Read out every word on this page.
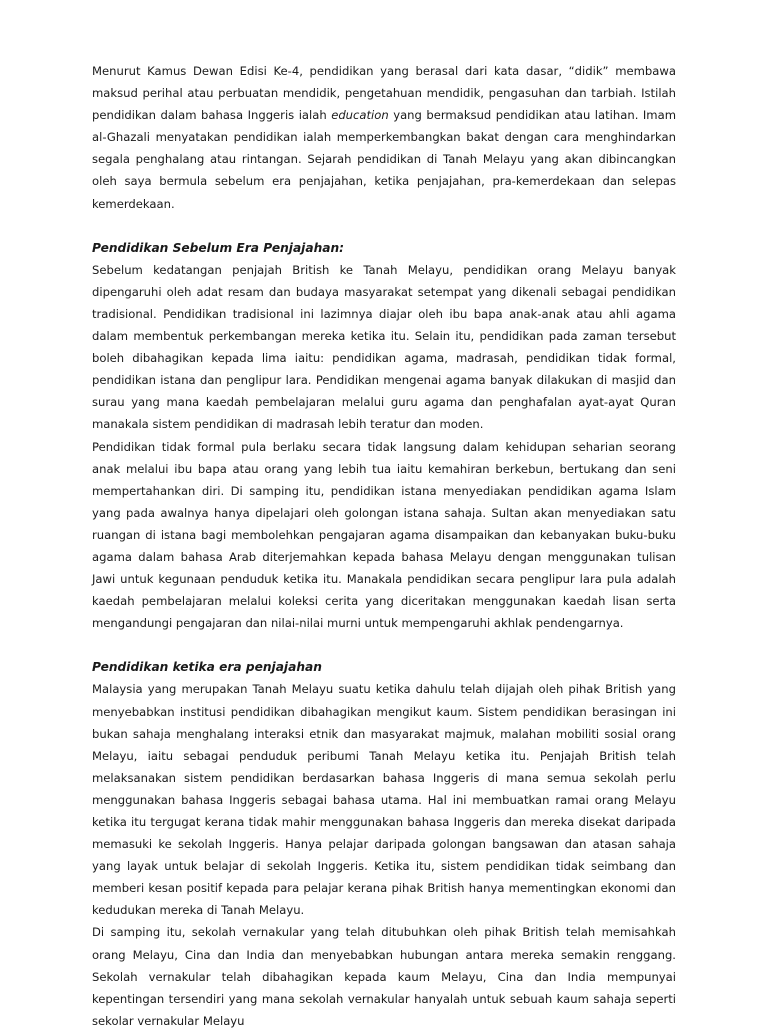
Menurut Kamus Dewan Edisi Ke-4, pendidikan yang berasal dari kata dasar, “didik” membawa maksud perihal atau perbuatan mendidik, pengetahuan mendidik, pengasuhan dan tarbiah. Istilah pendidikan dalam bahasa Inggeris ialah education yang bermaksud pendidikan atau latihan. Imam al-Ghazali menyatakan pendidikan ialah memperkembangkan bakat dengan cara menghindarkan segala penghalang atau rintangan. Sejarah pendidikan di Tanah Melayu yang akan dibincangkan oleh saya bermula sebelum era penjajahan, ketika penjajahan, pra-kemerdekaan dan selepas kemerdekaan.

Pendidikan Sebelum Era Penjajahan:

Sebelum kedatangan penjajah British ke Tanah Melayu, pendidikan orang Melayu banyak dipengaruhi oleh adat resam dan budaya masyarakat setempat yang dikenali sebagai pendidikan tradisional. Pendidikan tradisional ini lazimnya diajar oleh ibu bapa anak-anak atau ahli agama dalam membentuk perkembangan mereka ketika itu. Selain itu, pendidikan pada zaman tersebut boleh dibahagikan kepada lima iaitu: pendidikan agama, madrasah, pendidikan tidak formal, pendidikan istana dan penglipur lara. Pendidikan mengenai agama banyak dilakukan di masjid dan surau yang mana kaedah pembelajaran melalui guru agama dan penghafalan ayat-ayat Quran manakala sistem pendidikan di madrasah lebih teratur dan moden.

Pendidikan tidak formal pula berlaku secara tidak langsung dalam kehidupan seharian seorang anak melalui ibu bapa atau orang yang lebih tua iaitu kemahiran berkebun, bertukang dan seni mempertahankan diri. Di samping itu, pendidikan istana menyediakan pendidikan agama Islam yang pada awalnya hanya dipelajari oleh golongan istana sahaja. Sultan akan menyediakan satu ruangan di istana bagi membolehkan pengajaran agama disampaikan dan kebanyakan buku-buku agama dalam bahasa Arab diterjemahkan kepada bahasa Melayu dengan menggunakan tulisan Jawi untuk kegunaan penduduk ketika itu. Manakala pendidikan secara penglipur lara pula adalah kaedah pembelajaran melalui koleksi cerita yang diceritakan menggunakan kaedah lisan serta mengandungi pengajaran dan nilai-nilai murni untuk mempengaruhi akhlak pendengarnya.

Pendidikan ketika era penjajahan

Malaysia yang merupakan Tanah Melayu suatu ketika dahulu telah dijajah oleh pihak British yang menyebabkan institusi pendidikan dibahagikan mengikut kaum. Sistem pendidikan berasingan ini bukan sahaja menghalang interaksi etnik dan masyarakat majmuk, malahan mobiliti sosial orang Melayu, iaitu sebagai penduduk peribumi Tanah Melayu ketika itu. Penjajah British telah melaksanakan sistem pendidikan berdasarkan bahasa Inggeris di mana semua sekolah perlu menggunakan bahasa Inggeris sebagai bahasa utama. Hal ini membuatkan ramai orang Melayu ketika itu tergugat kerana tidak mahir menggunakan bahasa Inggeris dan mereka disekat daripada memasuki ke sekolah Inggeris. Hanya pelajar daripada golongan bangsawan dan atasan sahaja yang layak untuk belajar di sekolah Inggeris. Ketika itu, sistem pendidikan tidak seimbang dan memberi kesan positif kepada para pelajar kerana pihak British hanya mementingkan ekonomi dan kedudukan mereka di Tanah Melayu.

Di samping itu, sekolah vernakular yang telah ditubuhkan oleh pihak British telah memisahkah orang Melayu, Cina dan India dan menyebabkan hubungan antara mereka semakin renggang. Sekolah vernakular telah dibahagikan kepada kaum Melayu, Cina dan India mempunyai kepentingan tersendiri yang mana sekolah vernakular hanyalah untuk sebuah kaum sahaja seperti sekolar vernakular Melayu
